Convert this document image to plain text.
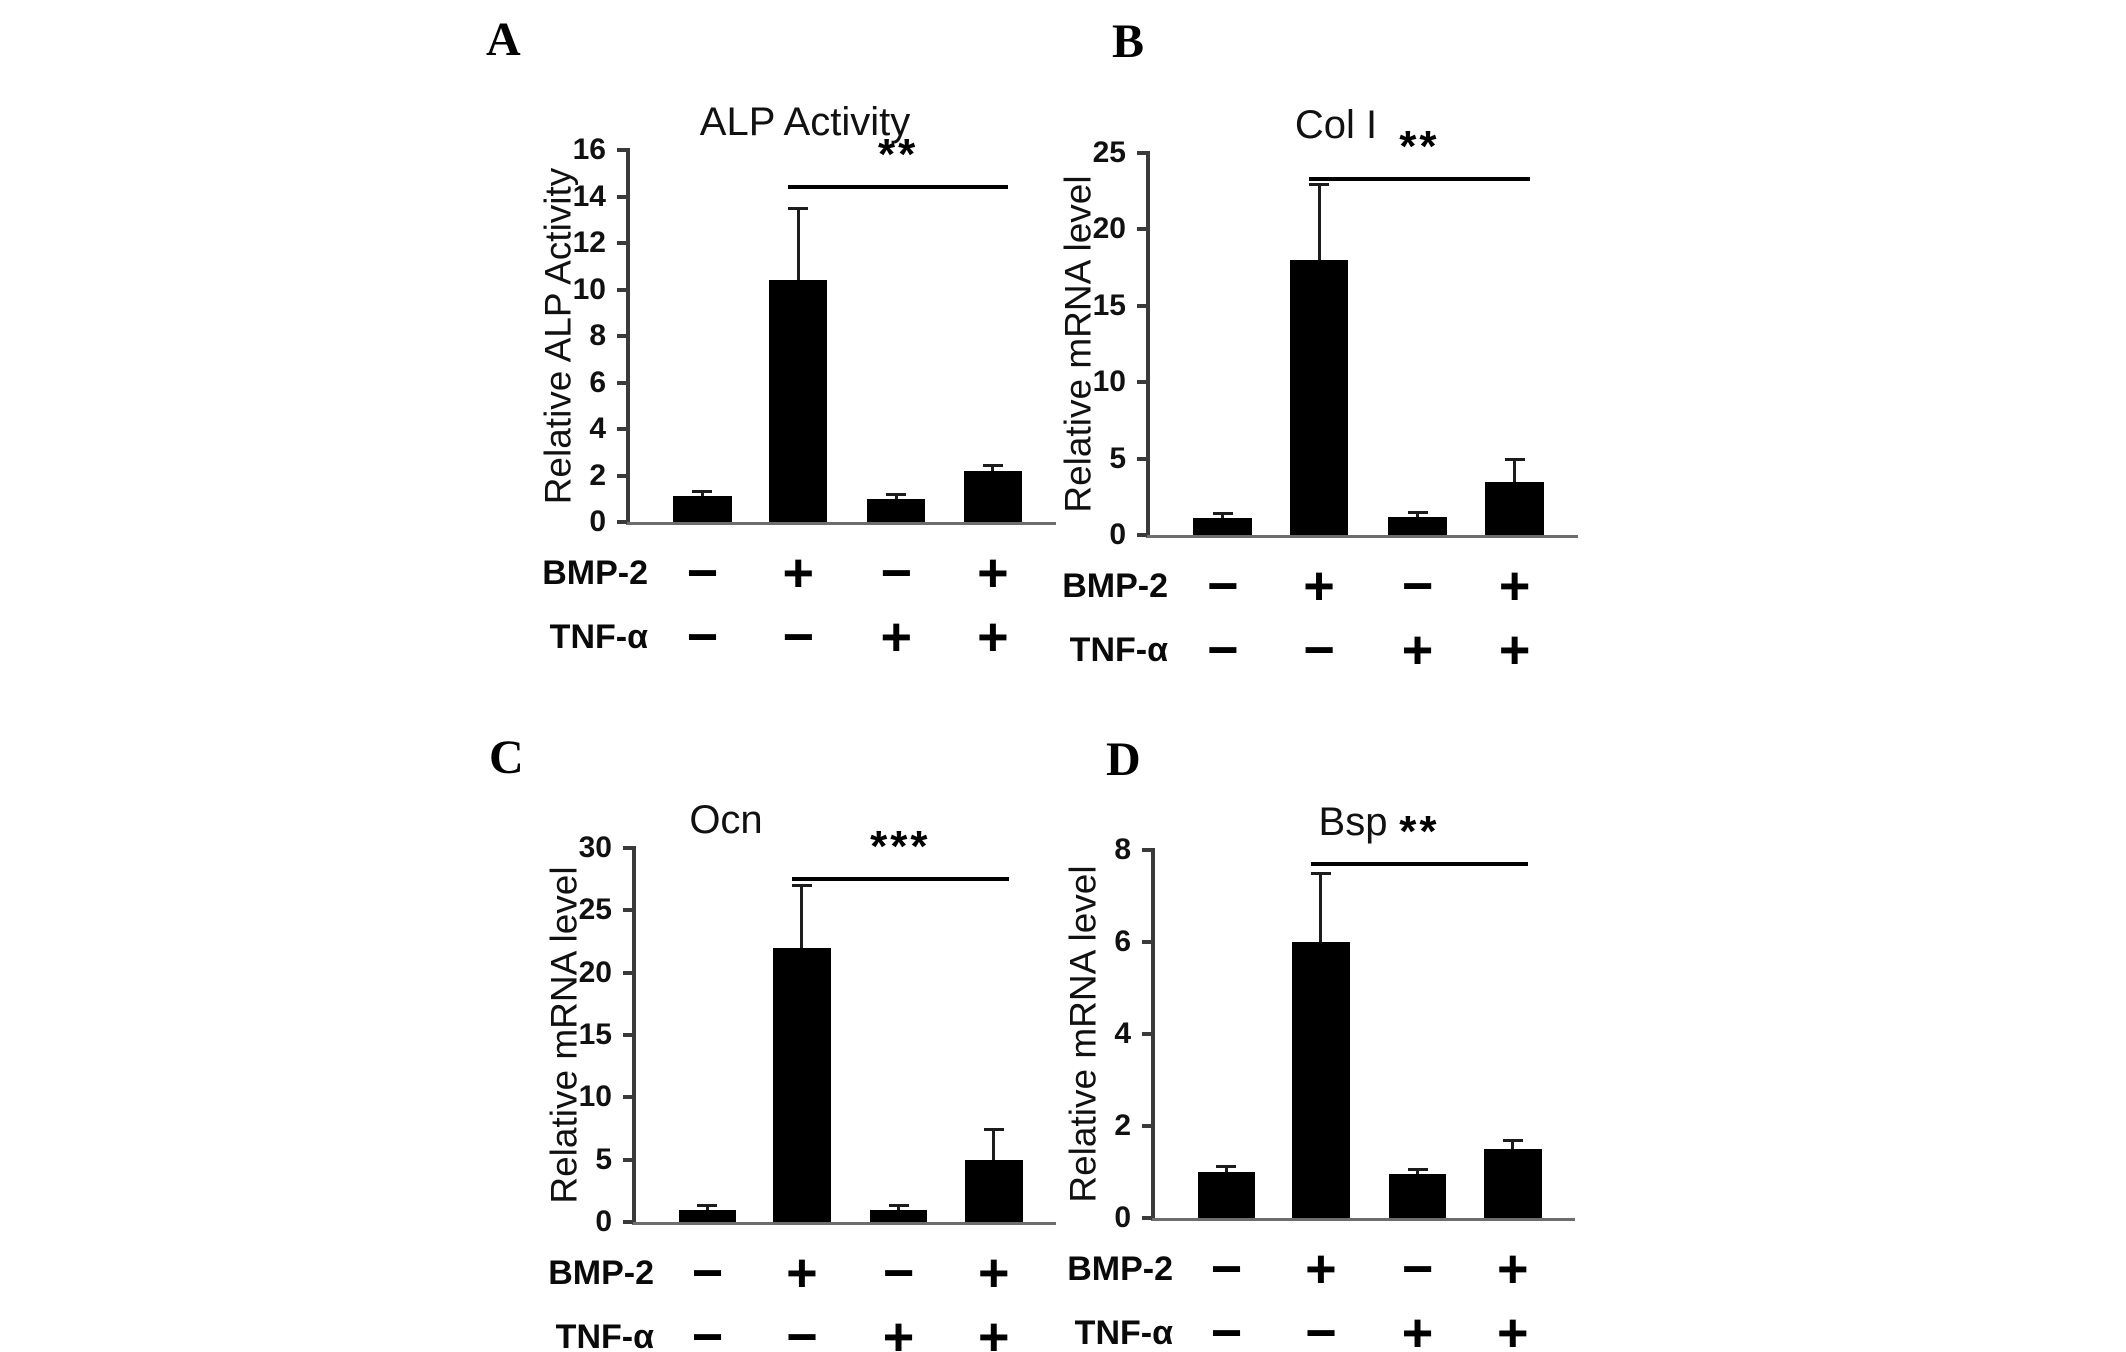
A
ALP Activity
Relative ALP Activity
B
Col I
Relative mRNA level
C
Ocn
Relative mRNA level
D
Bsp
Relative mRNA level
0
2
4
6
8
10
12
14
16	**
BMP-2 − + − +
TNF-α − − + +
0
5
10
15
20
25	**
BMP-2 − + − +
TNF-α − − + +
0
5
10
15
20
25
30	***
BMP-2 − + − +
TNF-α − − + +
0
2
4
6
8	**
BMP-2 − + − +
TNF-α − − + +
